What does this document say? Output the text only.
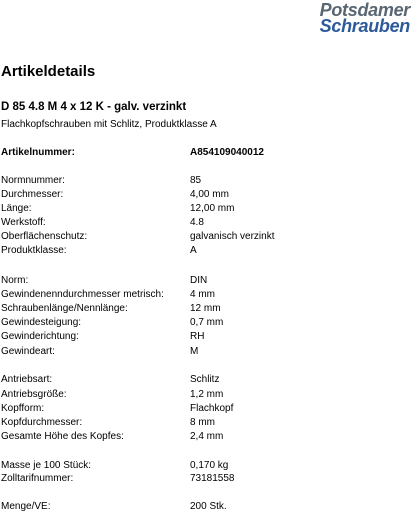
Potsdamer
Schrauben
Artikeldetails
D 85 4.8 M 4 x 12 K - galv. verzinkt

Flachkopfschrauben mit Schlitz, Produktklasse A

Artikelnummer:	A854109040012
Normnummer:	85
Durchmesser:	4,00 mm
Länge:	12,00 mm
Werkstoff:	4.8
Oberflächenschutz:	galvanisch verzinkt
Produktklasse:	A
Norm:	DIN
Gewindenenndurchmesser metrisch:	4 mm
Schraubenlänge/Nennlänge:	12 mm
Gewindesteigung:	0,7 mm
Gewinderichtung:	RH
Gewindeart:	M
Antriebsart:	Schlitz
Antriebsgröße:	1,2 mm
Kopfform:	Flachkopf
Kopfdurchmesser:	8 mm
Gesamte Höhe des Kopfes:	2,4 mm
Masse je 100 Stück:	0,170 kg
Zolltarifnummer:	73181558
Menge/VE:	200 Stk.
